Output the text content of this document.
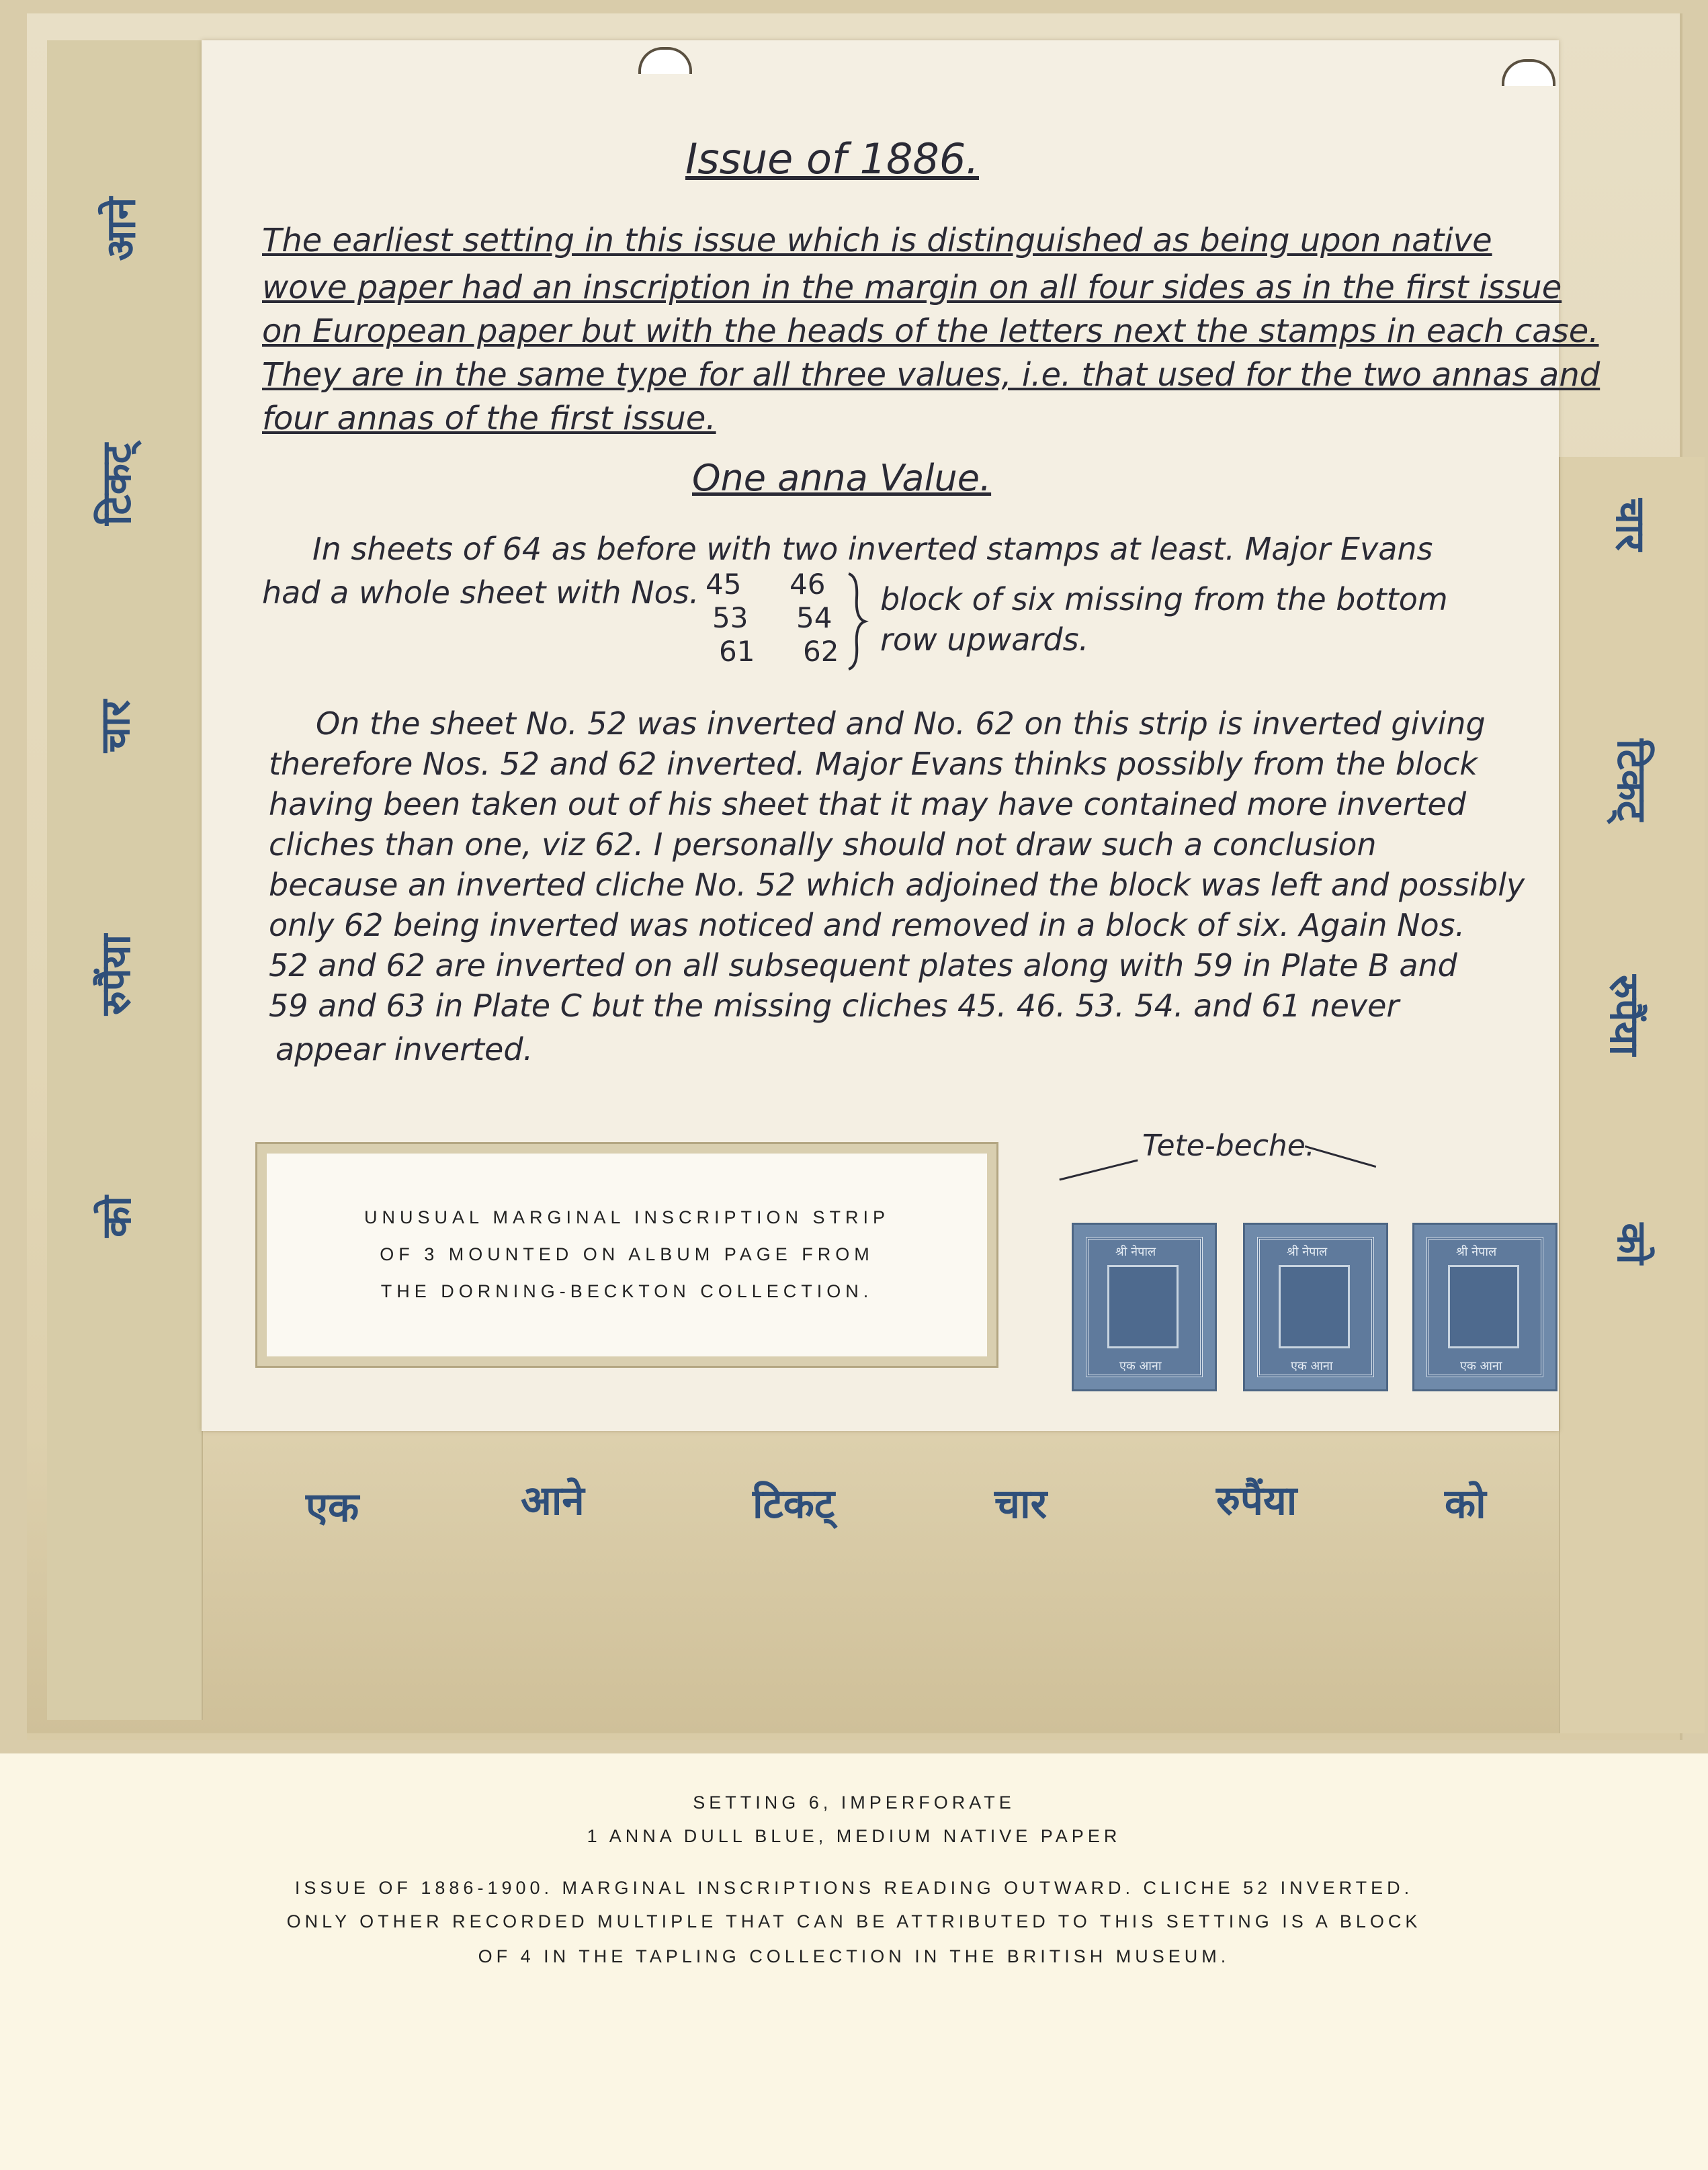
आने

टिकट्

चार

रुपैंया

को

चार

टिकट्

रुपैंया

को

Issue of 1886.

The earliest setting in this issue which is distinguished as being upon native

wove paper had an inscription in the margin on all four sides as in the first issue

on European paper but with the heads of the letters next the stamps in each case.

They are in the same type for all three values, i.e. that used for the two annas and

four annas of the first issue.

One anna Value.

In sheets of 64 as before with two inverted stamps at least. Major Evans

had a whole sheet with Nos. 45 46

53 54

61 62

block of six missing from the bottom

row upwards.

On the sheet No. 52 was inverted and No. 62 on this strip is inverted giving

therefore Nos. 52 and 62 inverted. Major Evans thinks possibly from the block

having been taken out of his sheet that it may have contained more inverted

cliches than one, viz 62. I personally should not draw such a conclusion

because an inverted cliche No. 52 which adjoined the block was left and possibly

only 62 being inverted was noticed and removed in a block of six. Again Nos.

52 and 62 are inverted on all subsequent plates along with 59 in Plate B and

59 and 63 in Plate C but the missing cliches 45. 46. 53. 54. and 61 never

appear inverted.

Tete-beche.

UNUSUAL MARGINAL INSCRIPTION STRIP

OF 3 MOUNTED ON ALBUM PAGE FROM

THE DORNING-BECKTON COLLECTION.

श्री नेपाल

एक आना

श्री नेपाल

एक आना

श्री नेपाल

एक आना

एक	आने	टिकट्	चार	रुपैंया	को

SETTING 6, IMPERFORATE

1 ANNA DULL BLUE, MEDIUM NATIVE PAPER

ISSUE OF 1886-1900. MARGINAL INSCRIPTIONS READING OUTWARD. CLICHE 52 INVERTED.

ONLY OTHER RECORDED MULTIPLE THAT CAN BE ATTRIBUTED TO THIS SETTING IS A BLOCK

OF 4 IN THE TAPLING COLLECTION IN THE BRITISH MUSEUM.
